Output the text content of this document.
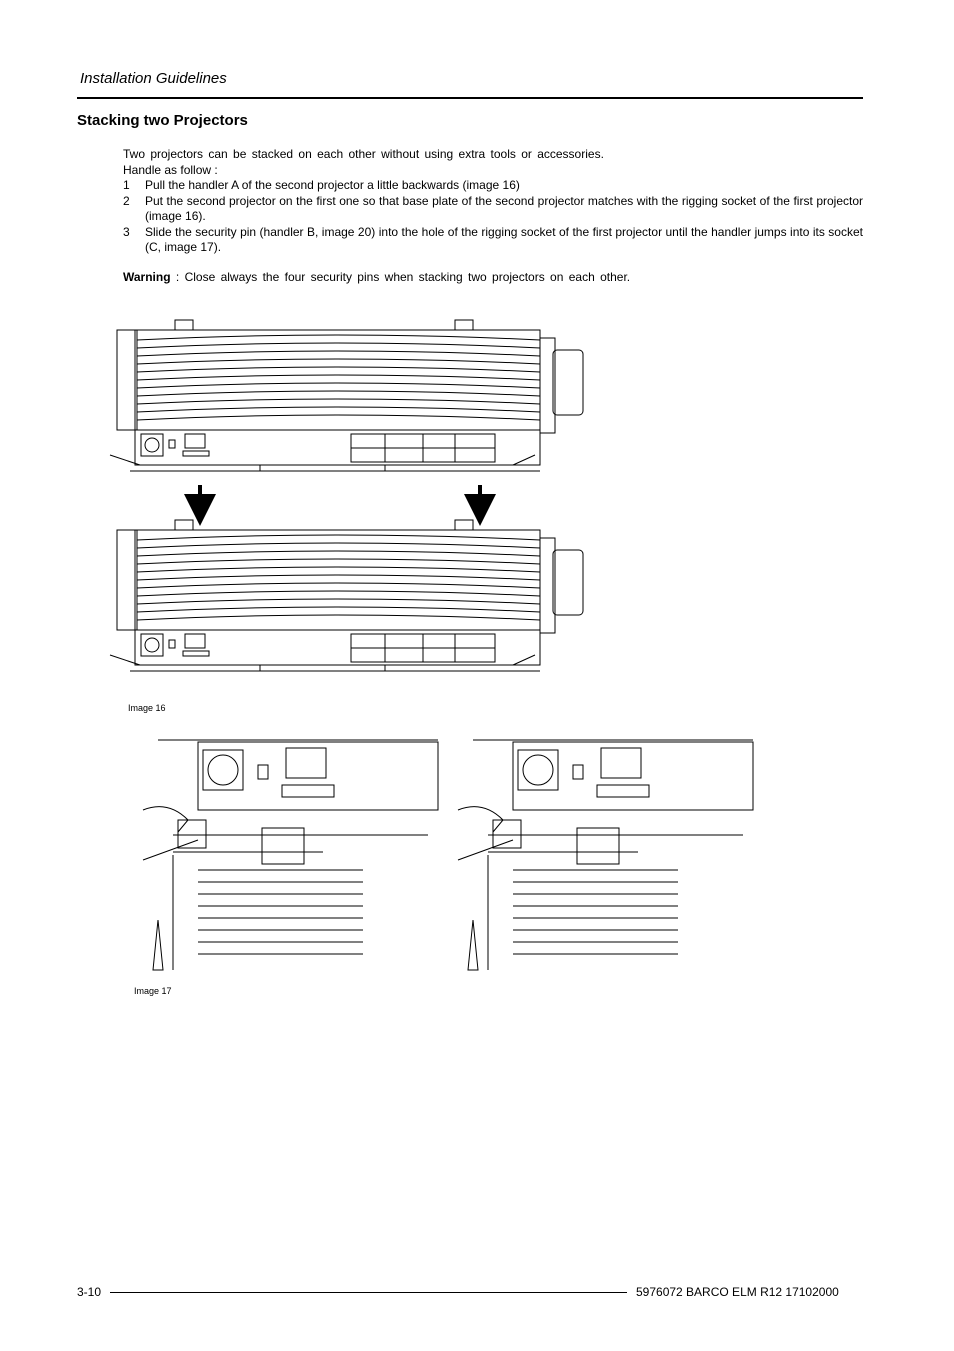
Installation Guidelines
Stacking two Projectors
Two projectors can be stacked on each other without using extra tools or accessories.
Handle as follow :
1 Pull the handler A of the second projector a little backwards (image 16)
2 Put the second projector on the first one so that base plate of the second projector matches with the rigging socket of the first projector (image 16).
3 Slide the security pin (handler B, image 20) into the hole of the rigging socket of the first projector until the handler jumps into its socket (C, image 17).
Warning : Close always the four security pins when stacking two projectors on each other.
Image 16
Image 17
3-10	5976072 BARCO ELM R12 17102000
